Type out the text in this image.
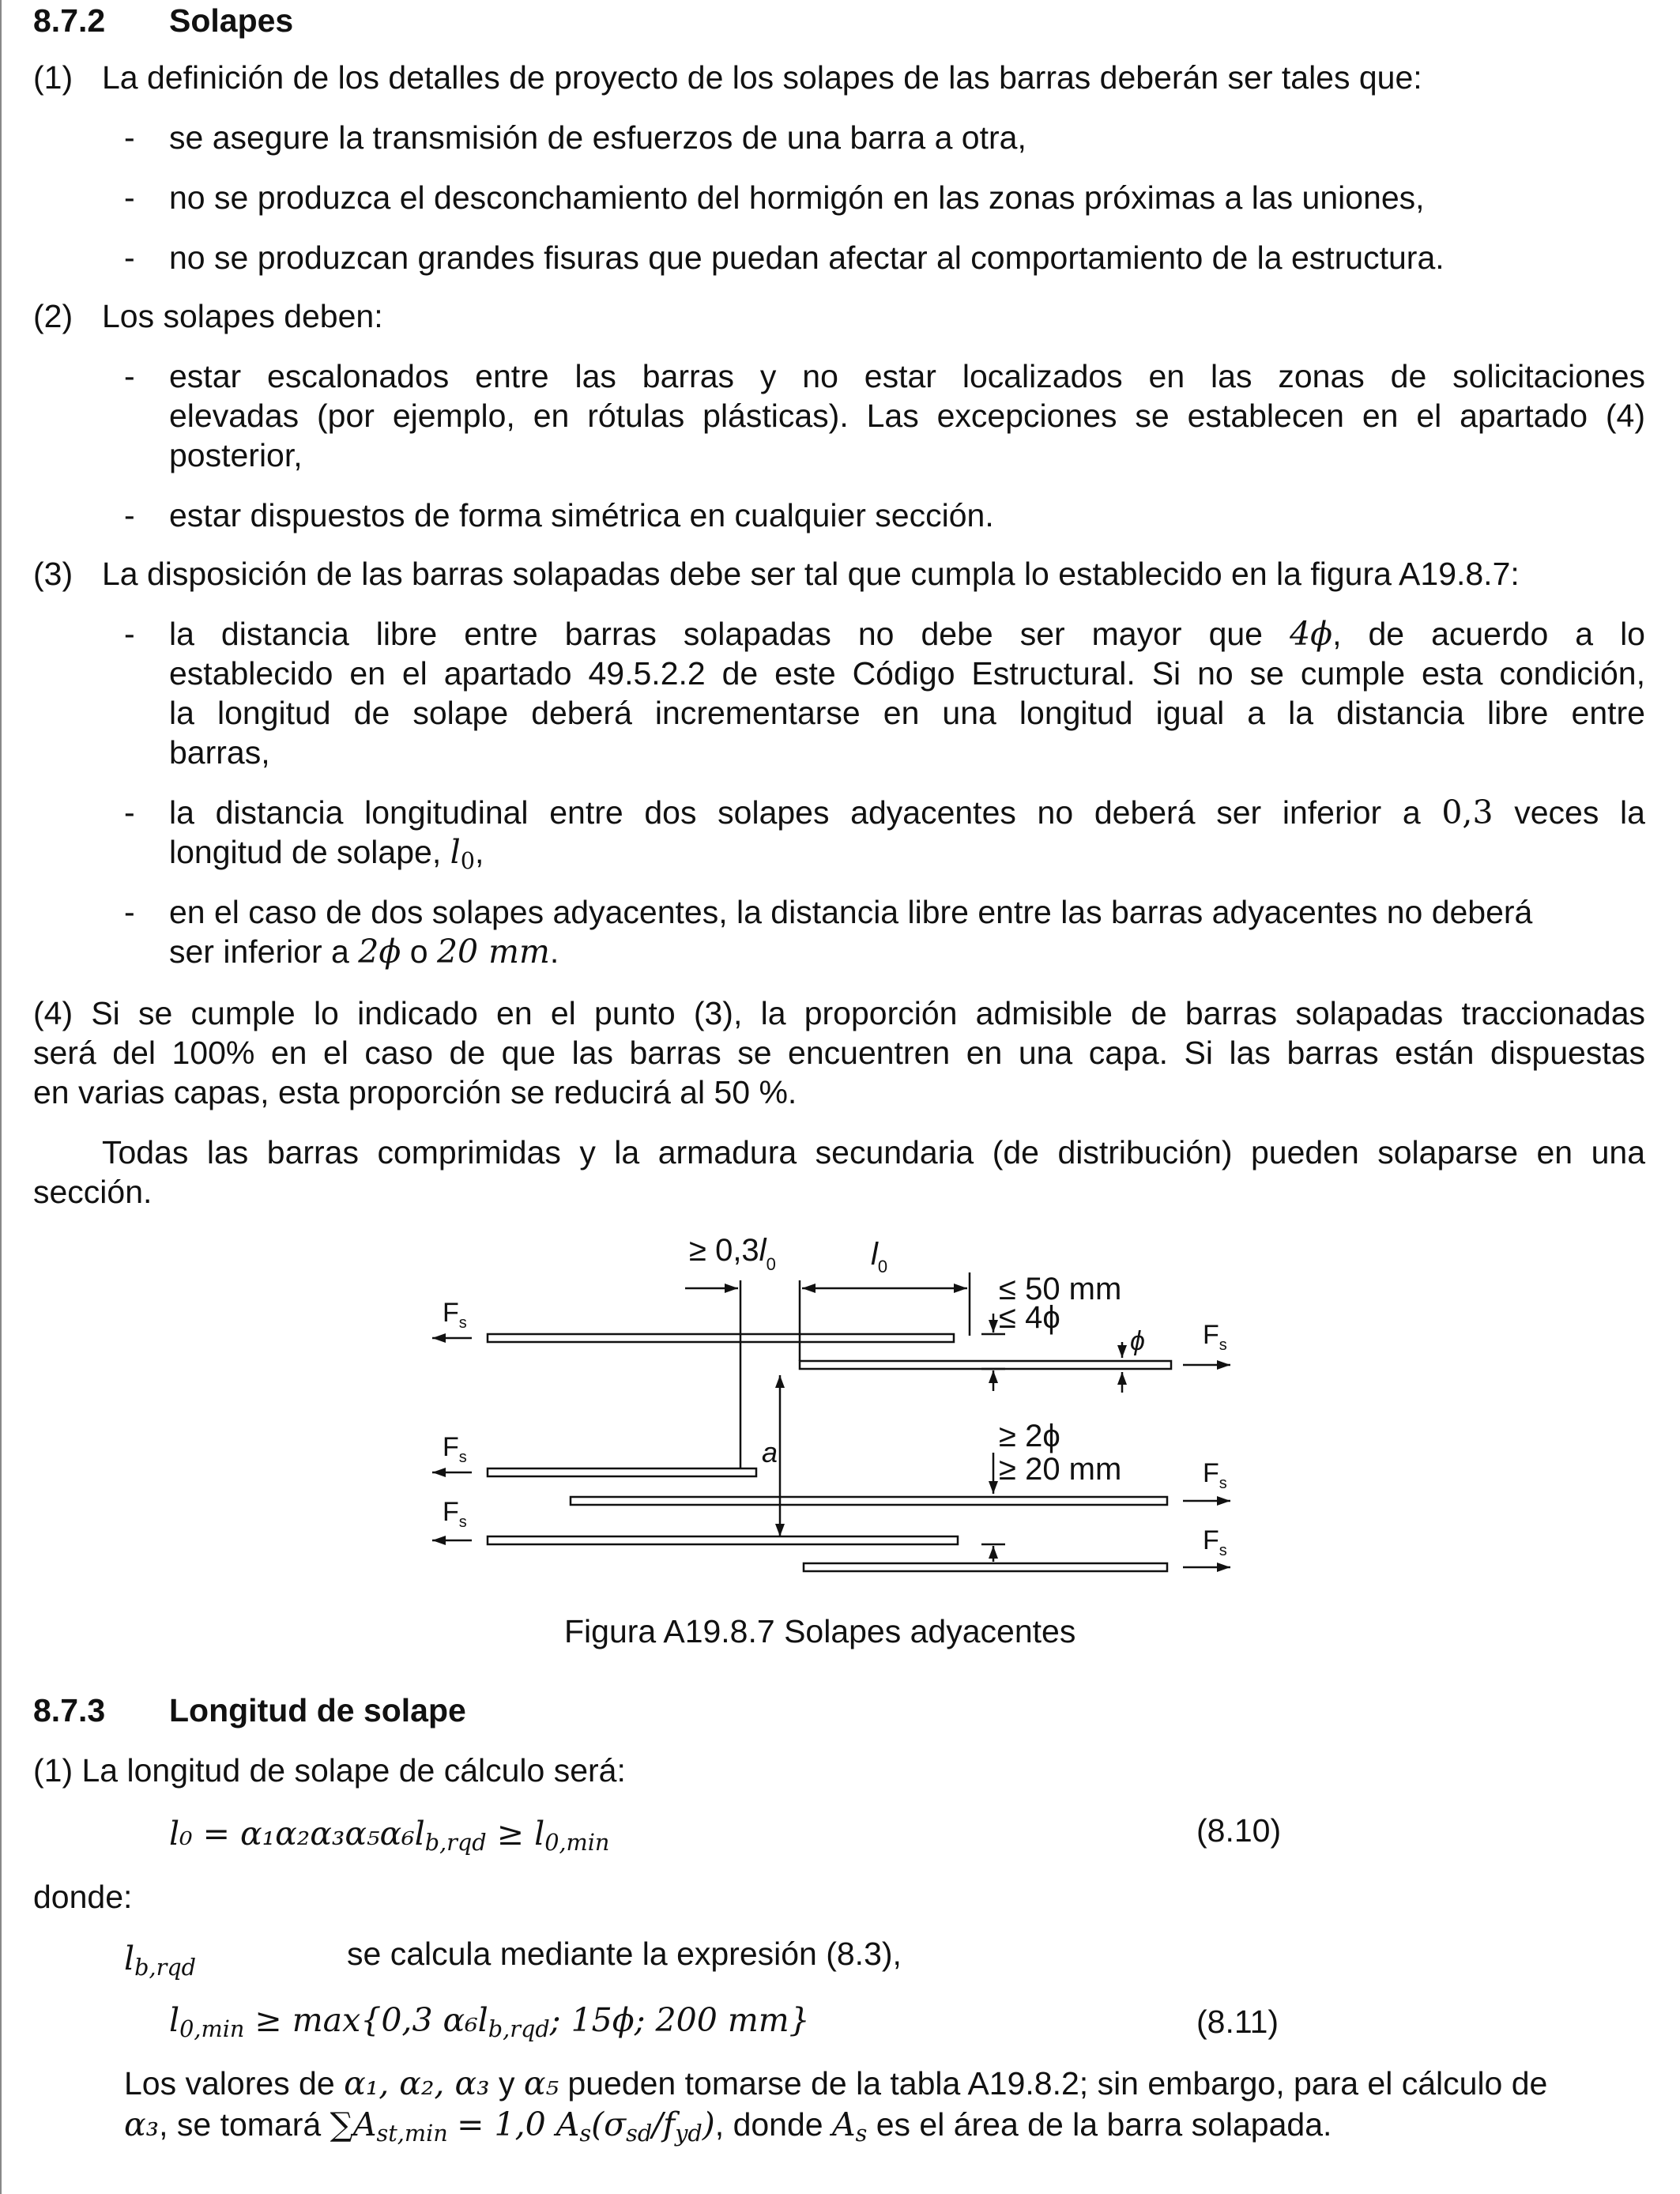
8.7.2 Solapes
(1) La definición de los detalles de proyecto de los solapes de las barras deberán ser tales que:
- se asegure la transmisión de esfuerzos de una barra a otra,
- no se produzca el desconchamiento del hormigón en las zonas próximas a las uniones,
- no se produzcan grandes fisuras que puedan afectar al comportamiento de la estructura.
(2) Los solapes deben:
- estar escalonados entre las barras y no estar localizados en las zonas de solicitaciones
elevadas (por ejemplo, en rótulas plásticas). Las excepciones se establecen en el apartado (4)
posterior,
- estar dispuestos de forma simétrica en cualquier sección.
(3) La disposición de las barras solapadas debe ser tal que cumpla lo establecido en la figura A19.8.7:
- la distancia libre entre barras solapadas no debe ser mayor que 4ϕ, de acuerdo a lo
establecido en el apartado 49.5.2.2 de este Código Estructural. Si no se cumple esta condición,
la longitud de solape deberá incrementarse en una longitud igual a la distancia libre entre
barras,
- la distancia longitudinal entre dos solapes adyacentes no deberá ser inferior a 0,3 veces la
longitud de solape, $l_0$,
- en el caso de dos solapes adyacentes, la distancia libre entre las barras adyacentes no deberá
ser inferior a 2ϕ o 20 mm.
(4) Si se cumple lo indicado en el punto (3), la proporción admisible de barras solapadas traccionadas
será del 100% en el caso de que las barras se encuentren en una capa. Si las barras están dispuestas
en varias capas, esta proporción se reducirá al 50 %.
Todas las barras comprimidas y la armadura secundaria (de distribución) pueden solaparse en una
sección.
≥ $0,3l_0$	$l_0$
≤ 50 mm
≤ 4ϕ
ϕ
a	≥ 2ϕ
≥ 20 mm
$F_s$	$F_s$
$F_s$
$F_s$
$F_s$
$F_s$
Figura A19.8.7 Solapes adyacentes
8.7.3 Longitud de solape
(1) La longitud de solape de cálculo será:
$l_0 = \alpha_1\alpha_2\alpha_3\alpha_5\alpha_6l_{b,rqd} \ge l_{0,min}$	(8.10)
donde:
$l_{b,rqd}$	se calcula mediante la expresión (8.3),
$l_{0,min} \ge \max\{0,3$ $\alpha_6l_{b,rqd}$; 15ϕ; 200 mm}	(8.11)
Los valores de α₁, α₂, α₃ y α₅ pueden tomarse de la tabla A19.8.2; sin embargo, para el cálculo de
α₃, se tomará $\sum A_{st,min} = 1,0$ $A_s(\sigma_{sd}/f_{yd})$, donde $A_s$ es el área de la barra solapada.
